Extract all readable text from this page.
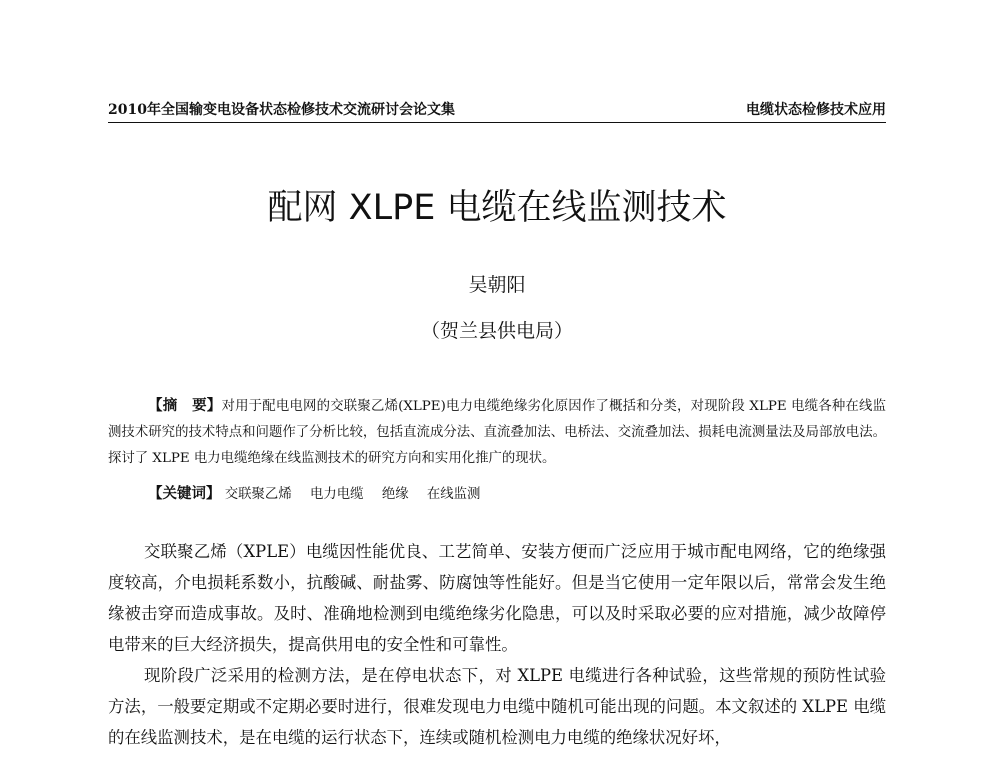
2010年全国输变电设备状态检修技术交流研讨会论文集	电缆状态检修技术应用
配网 XLPE 电缆在线监测技术
吴朝阳
（贺兰县供电局）
【摘　要】对用于配电电网的交联聚乙烯(XLPE)电力电缆绝缘劣化原因作了概括和分类，对现阶段 XLPE 电缆各种在线监测技术研究的技术特点和问题作了分析比较，包括直流成分法、直流叠加法、电桥法、交流叠加法、损耗电流测量法及局部放电法。探讨了 XLPE 电力电缆绝缘在线监测技术的研究方向和实用化推广的现状。
【关键词】 交联聚乙烯 电力电缆 绝缘 在线监测

交联聚乙烯（XPLE）电缆因性能优良、工艺简单、安装方便而广泛应用于城市配电网络，它的绝缘强度较高，介电损耗系数小，抗酸碱、耐盐雾、防腐蚀等性能好。但是当它使用一定年限以后，常常会发生绝缘被击穿而造成事故。及时、准确地检测到电缆绝缘劣化隐患，可以及时采取必要的应对措施，减少故障停电带来的巨大经济损失，提高供用电的安全性和可靠性。

现阶段广泛采用的检测方法，是在停电状态下，对 XLPE 电缆进行各种试验，这些常规的预防性试验方法，一般要定期或不定期必要时进行，很难发现电力电缆中随机可能出现的问题。本文叙述的 XLPE 电缆的在线监测技术，是在电缆的运行状态下，连续或随机检测电力电缆的绝缘状况好坏，
